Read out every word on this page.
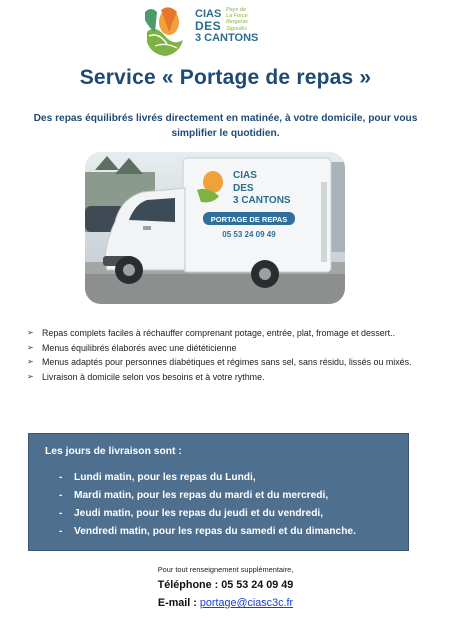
CIAS
DES
3 CANTONS
Pays de
La Force
Bergerac
Sigoulès
Service « Portage de repas »
Des repas équilibrés livrés directement en matinée, à votre domicile, pour vous simplifier le quotidien.
CIAS
DES
3 CANTONS
PORTAGE DE REPAS
05 53 24 09 49
➢ Repas complets faciles à réchauffer comprenant potage, entrée, plat, fromage et dessert..
➢ Menus équilibrés élaborés avec une diététicienne
➢ Menus adaptés pour personnes diabétiques et régimes sans sel, sans résidu, lissés ou mixés.
➢ Livraison à domicile selon vos besoins et à votre rythme.
Les jours de livraison sont :
- Lundi matin, pour les repas du Lundi,
- Mardi matin, pour les repas du mardi et du mercredi,
- Jeudi matin, pour les repas du jeudi et du vendredi,
- Vendredi matin, pour les repas du samedi et du dimanche.
Pour tout renseignement supplémentaire,
Téléphone : 05 53 24 09 49
E-mail : portage@ciasc3c.fr
